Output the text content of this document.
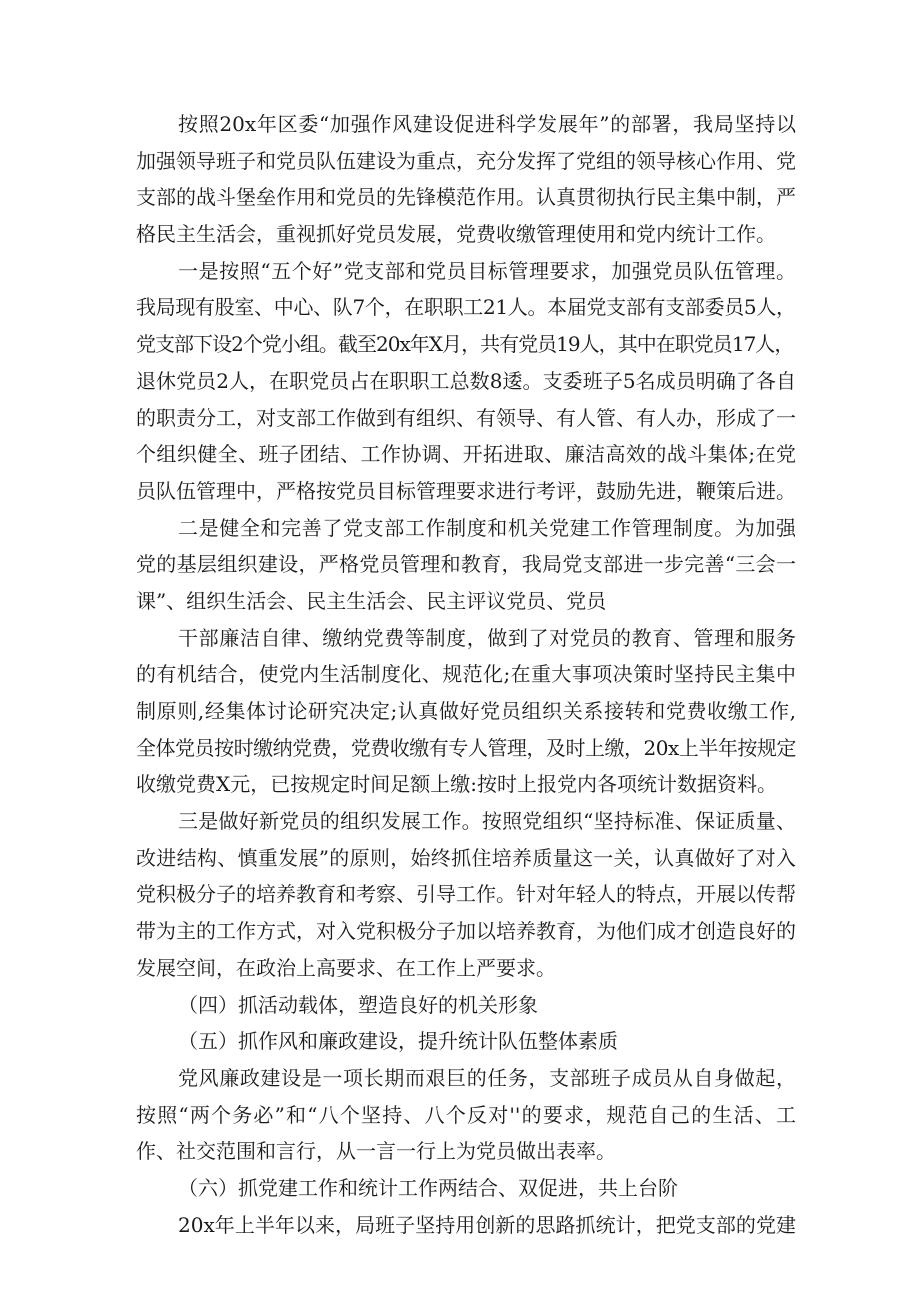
按照20x年区委“加强作风建设促进科学发展年”的部署，我局坚持以
加强领导班子和党员队伍建设为重点，充分发挥了党组的领导核心作用、党
支部的战斗堡垒作用和党员的先锋模范作用。认真贯彻执行民主集中制，严
格民主生活会，重视抓好党员发展，党费收缴管理使用和党内统计工作。
一是按照“五个好”党支部和党员目标管理要求，加强党员队伍管理。
我局现有股室、中心、队7个，在职职工21人。本届党支部有支部委员5人，
党支部下设2个党小组。截至20x年X月，共有党员19人，其中在职党员17人，
退休党员2人，在职党员占在职职工总数8逶。支委班子5名成员明确了各自
的职责分工，对支部工作做到有组织、有领导、有人管、有人办，形成了一
个组织健全、班子团结、工作协调、开拓进取、廉洁高效的战斗集体;在党
员队伍管理中，严格按党员目标管理要求进行考评，鼓励先进，鞭策后进。
二是健全和完善了党支部工作制度和机关党建工作管理制度。为加强
党的基层组织建设，严格党员管理和教育，我局党支部进一步完善“三会一
课”、组织生活会、民主生活会、民主评议党员、党员
干部廉洁自律、缴纳党费等制度，做到了对党员的教育、管理和服务
的有机结合，使党内生活制度化、规范化;在重大事项决策时坚持民主集中
制原则,经集体讨论研究决定;认真做好党员组织关系接转和党费收缴工作,
全体党员按时缴纳党费，党费收缴有专人管理，及时上缴，20x上半年按规定
收缴党费X元，已按规定时间足额上缴:按时上报党内各项统计数据资料。
三是做好新党员的组织发展工作。按照党组织“坚持标准、保证质量、
改进结构、慎重发展”的原则，始终抓住培养质量这一关，认真做好了对入
党积极分子的培养教育和考察、引导工作。针对年轻人的特点，开展以传帮
带为主的工作方式，对入党积极分子加以培养教育，为他们成才创造良好的
发展空间，在政治上高要求、在工作上严要求。
（四）抓活动载体，塑造良好的机关形象
（五）抓作风和廉政建设，提升统计队伍整体素质
党风廉政建设是一项长期而艰巨的任务，支部班子成员从自身做起，
按照“两个务必”和“八个坚持、八个反对''的要求，规范自己的生活、工
作、社交范围和言行，从一言一行上为党员做出表率。
（六）抓党建工作和统计工作两结合、双促进，共上台阶
20x年上半年以来，局班子坚持用创新的思路抓统计，把党支部的党建
